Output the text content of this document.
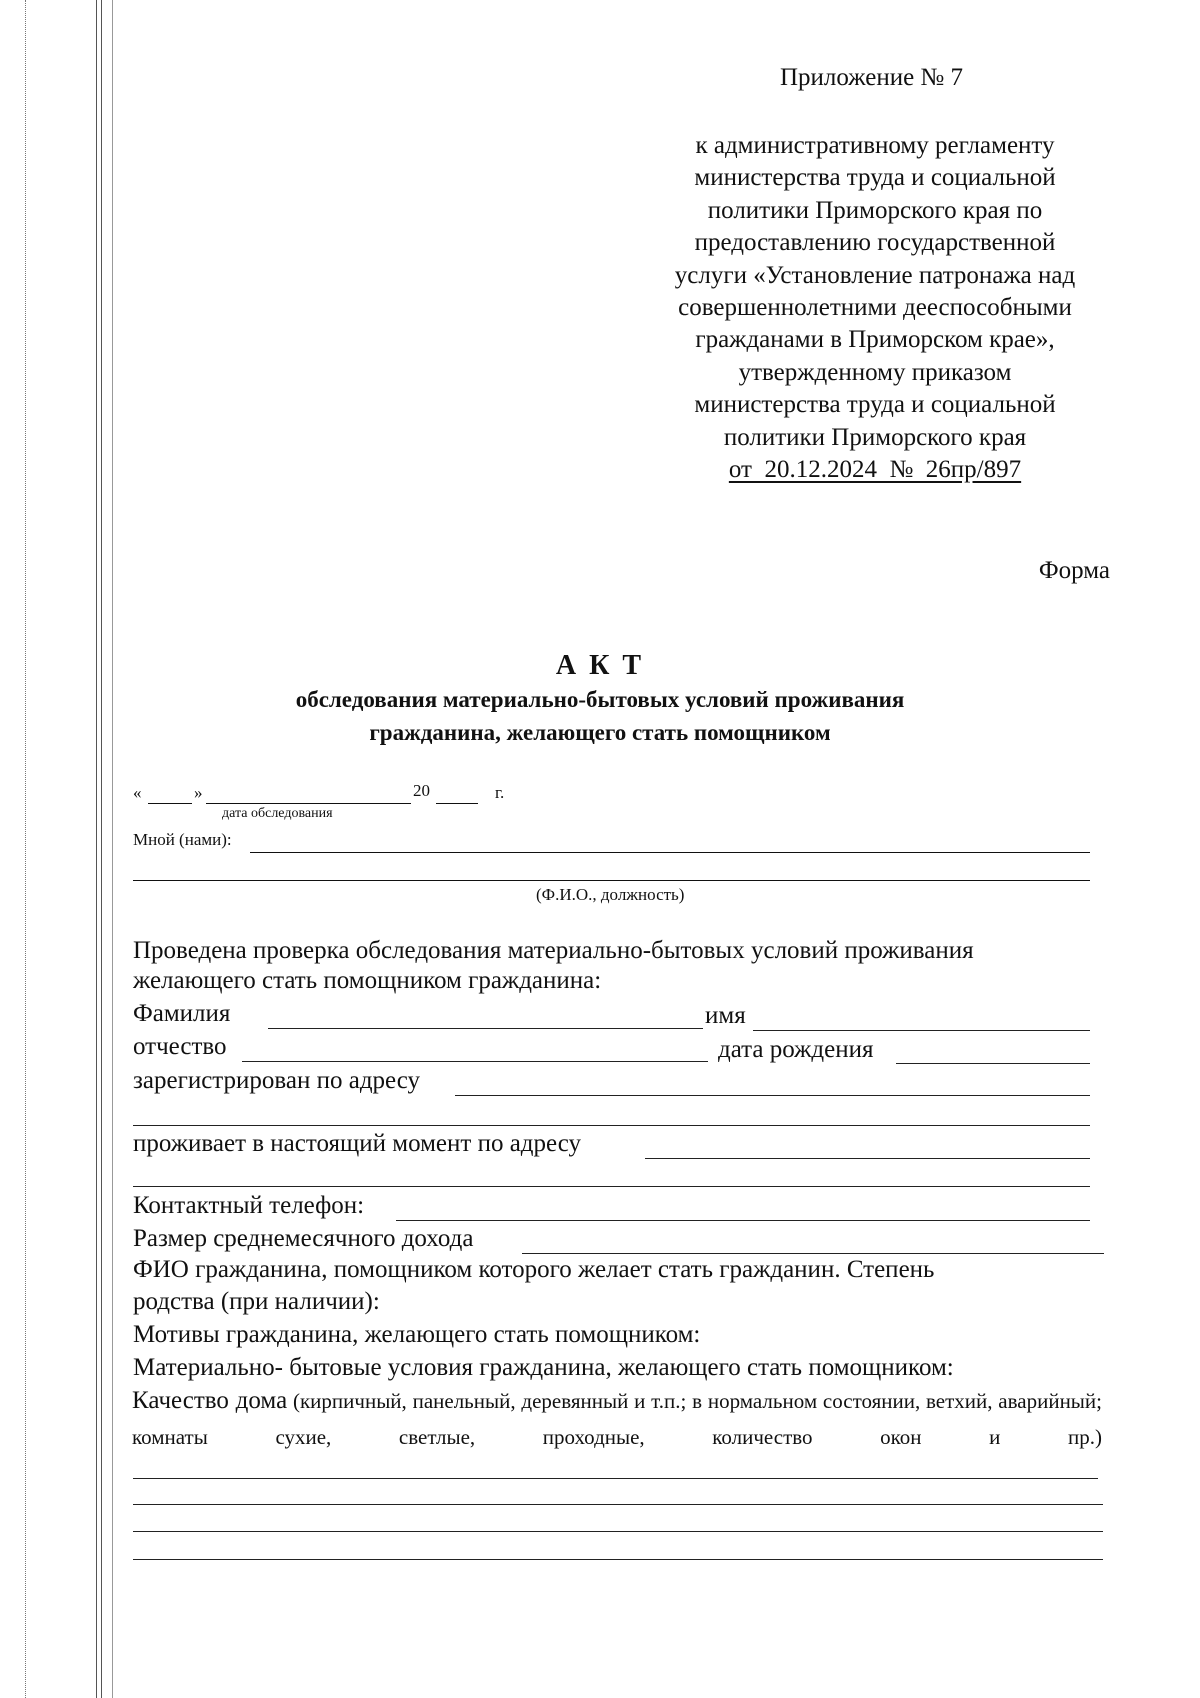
Приложение № 7
к административному регламенту
министерства труда и социальной
политики Приморского края по
предоставлению государственной
услуги «Установление патронажа над
совершеннолетними дееспособными
гражданами в Приморском крае»,
утвержденному приказом
министерства труда и социальной
политики Приморского края
от  20.12.2024  №  26пр/897
Форма
А К Т
обследования материально-бытовых условий проживания
гражданина, желающего стать помощником
«	»	20	г.
дата обследования
Мной (нами):
(Ф.И.О., должность)
Проведена проверка обследования материально-бытовых условий проживания
желающего стать помощником гражданина:
Фамилия	имя
отчество	дата рождения
зарегистрирован по адресу
проживает в настоящий момент по адресу
Контактный телефон:
Размер среднемесячного дохода
ФИО гражданина, помощником которого желает стать гражданин. Степень
родства (при наличии):
Мотивы гражданина, желающего стать помощником:
Материально- бытовые условия гражданина, желающего стать помощником:
Качество дома (кирпичный, панельный, деревянный и т.п.; в нормальном состоянии, ветхий, аварийный; комнаты сухие, светлые, проходные, количество окон и пр.)
